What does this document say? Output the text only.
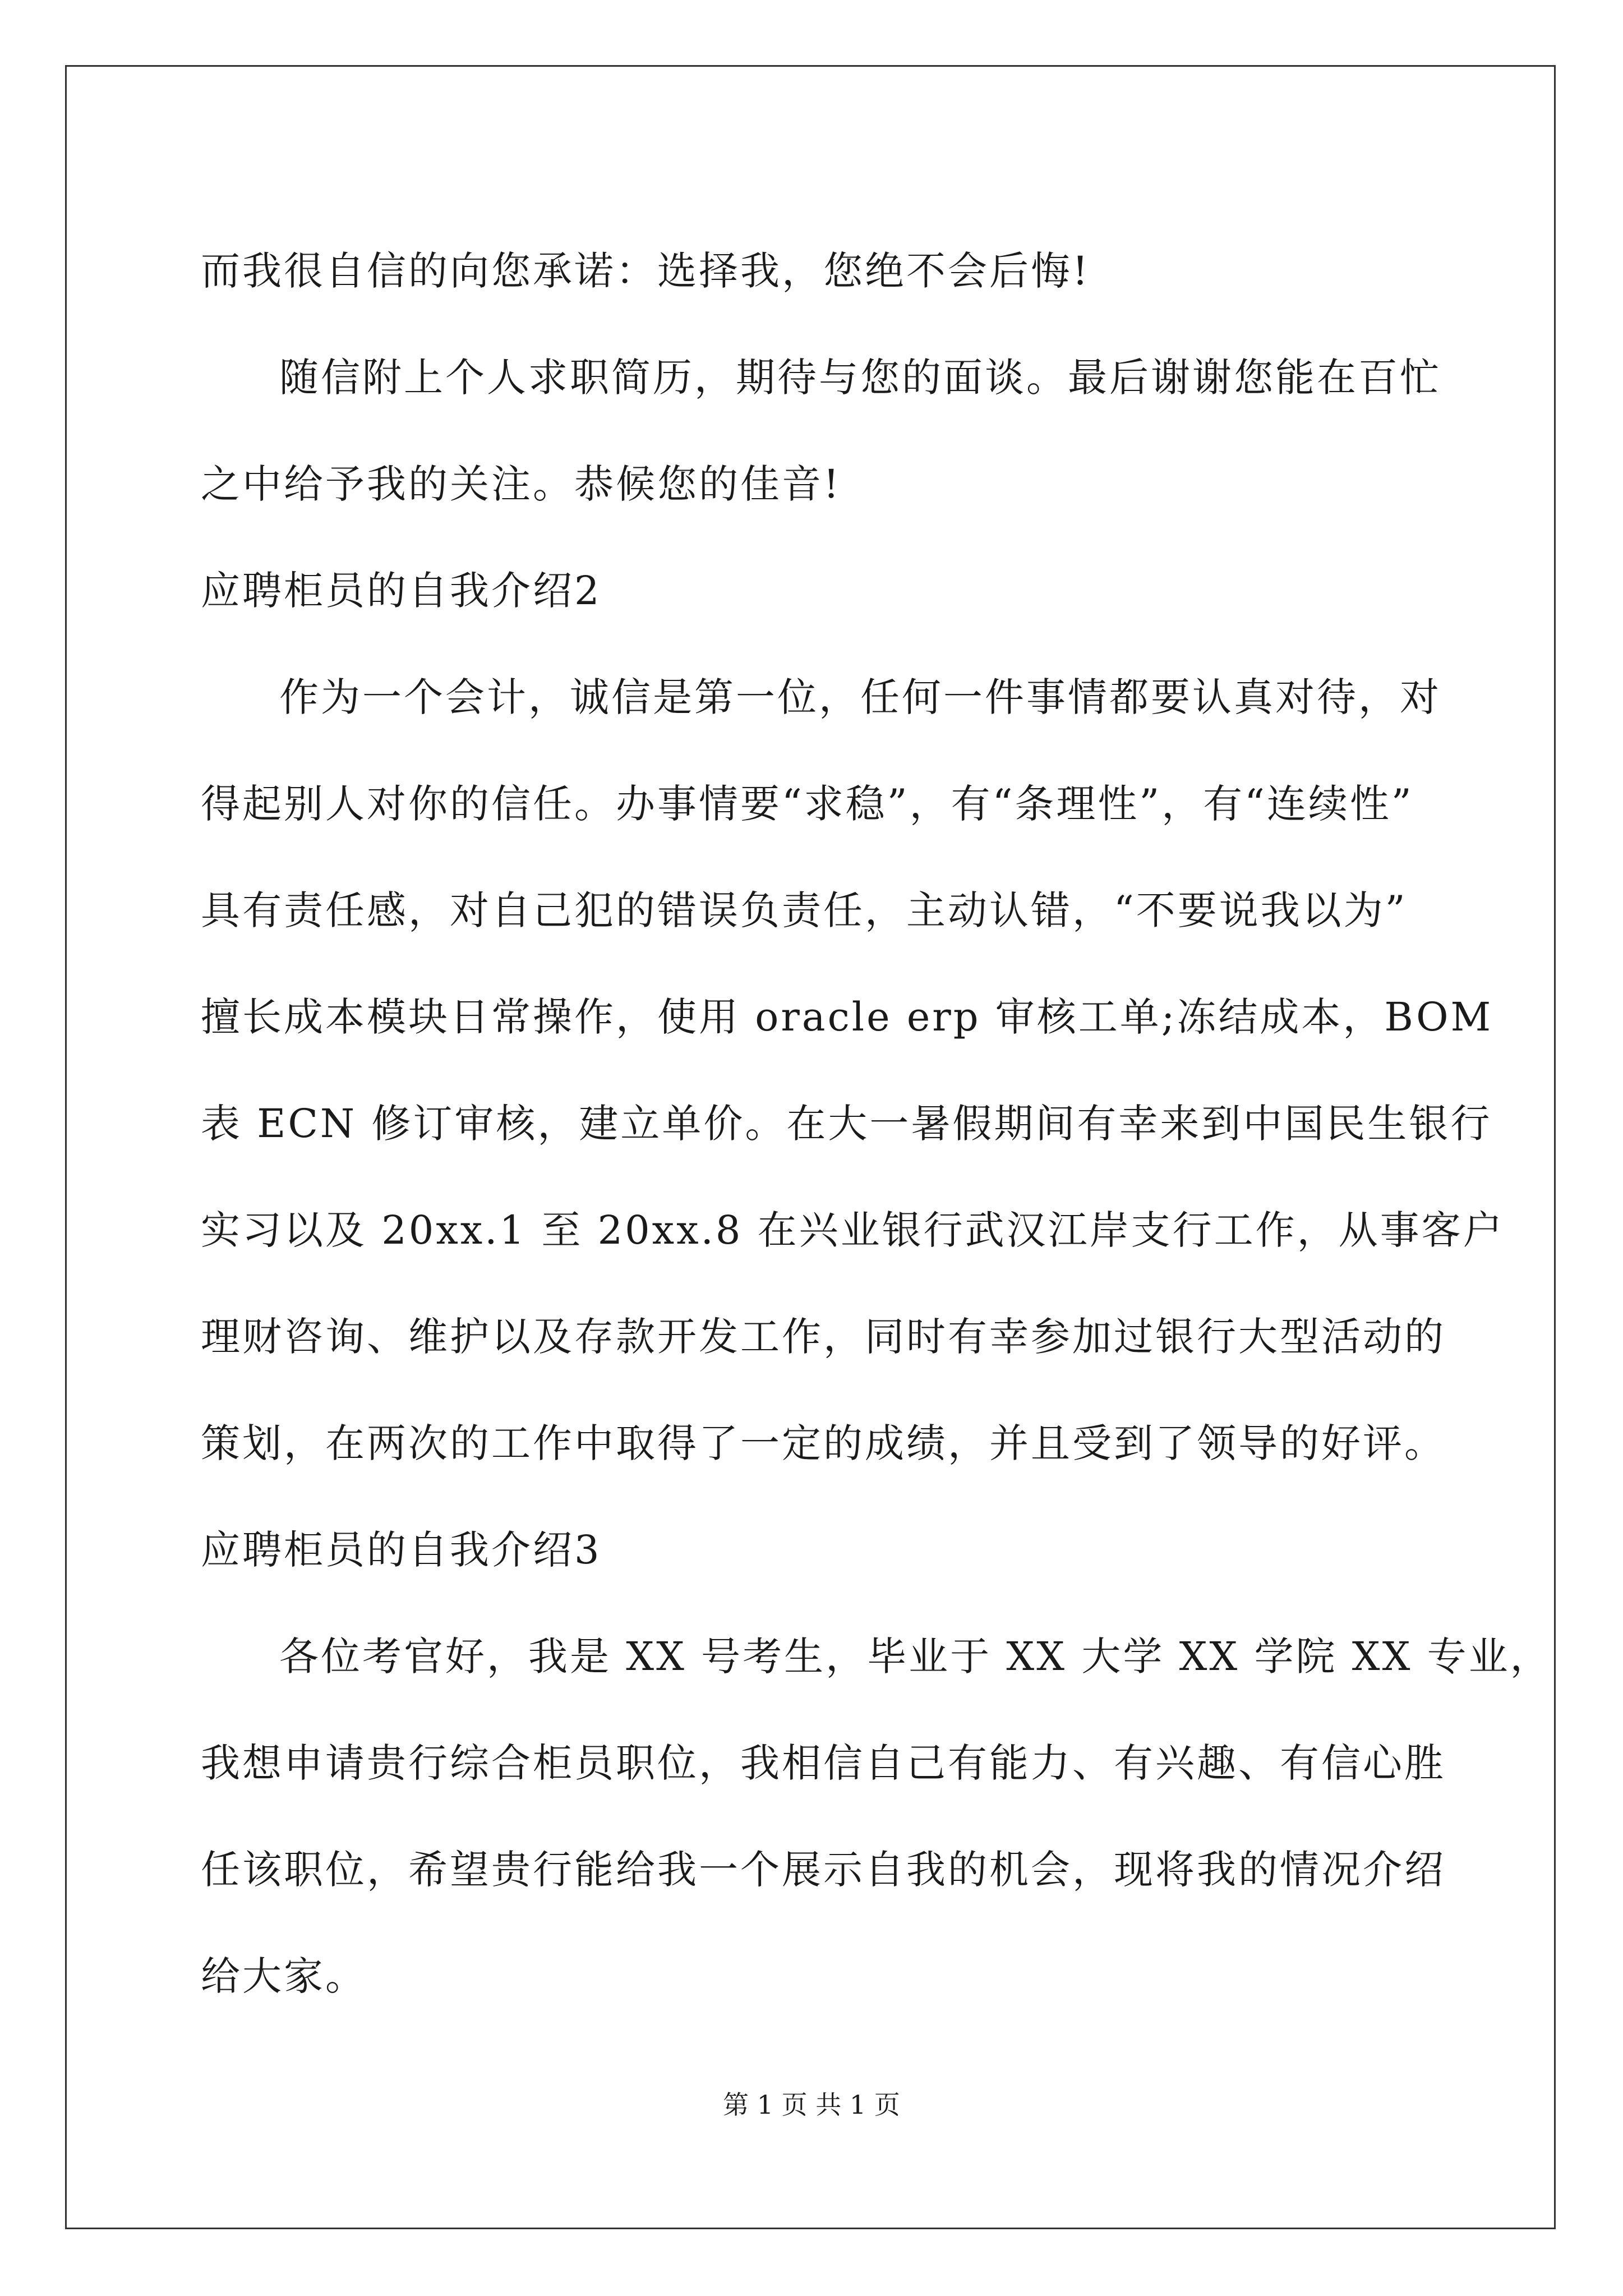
而我很自信的向您承诺：选择我，您绝不会后悔!
随信附上个人求职简历，期待与您的面谈。最后谢谢您能在百忙
之中给予我的关注。恭候您的佳音!
应聘柜员的自我介绍2
作为一个会计，诚信是第一位，任何一件事情都要认真对待，对
得起别人对你的信任。办事情要“求稳”，有“条理性”，有“连续性”
具有责任感，对自己犯的错误负责任，主动认错，“不要说我以为”
擅长成本模块日常操作，使用 oracle erp 审核工单;冻结成本，BOM
表 ECN 修订审核，建立单价。在大一暑假期间有幸来到中国民生银行
实习以及 20xx.1 至 20xx.8 在兴业银行武汉江岸支行工作，从事客户
理财咨询、维护以及存款开发工作，同时有幸参加过银行大型活动的
策划，在两次的工作中取得了一定的成绩，并且受到了领导的好评。
应聘柜员的自我介绍3
各位考官好，我是 XX 号考生，毕业于 XX 大学 XX 学院 XX 专业，
我想申请贵行综合柜员职位，我相信自己有能力、有兴趣、有信心胜
任该职位，希望贵行能给我一个展示自我的机会，现将我的情况介绍
给大家。
第 1 页 共 1 页
